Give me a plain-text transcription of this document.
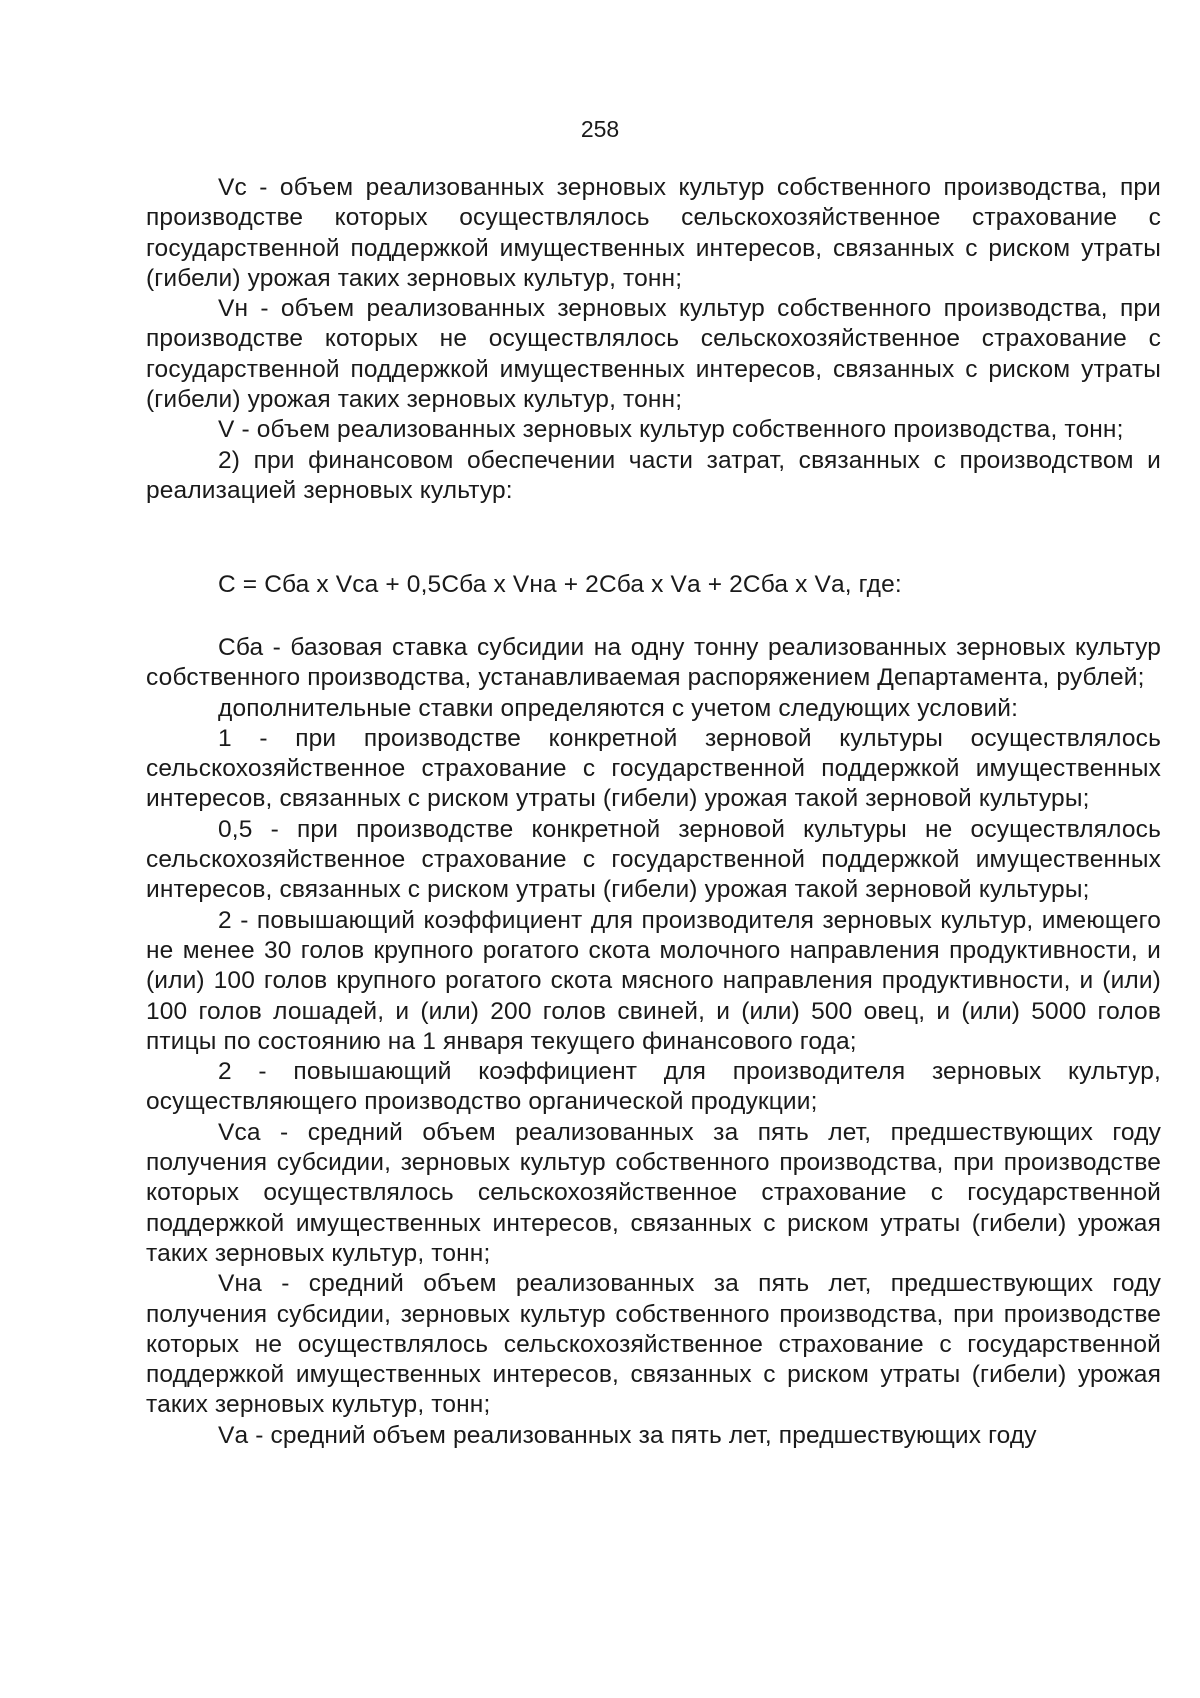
258

Vc - объем реализованных зерновых культур собственного производства, при производстве которых осуществлялось сельскохозяйственное страхование с государственной поддержкой имущественных интересов, связанных с риском утраты (гибели) урожая таких зерновых культур, тонн;

Vн - объем реализованных зерновых культур собственного производства, при производстве которых не осуществлялось сельскохозяйственное страхование с государственной поддержкой имущественных интересов, связанных с риском утраты (гибели) урожая таких зерновых культур, тонн;

V - объем реализованных зерновых культур собственного производства, тонн;

2) при финансовом обеспечении части затрат, связанных с производством и реализацией зерновых культур:

С = Сба х Vса + 0,5Сба х Vна + 2Сба х Vа + 2Сба х Vа, где:

Сба - базовая ставка субсидии на одну тонну реализованных зерновых культур собственного производства, устанавливаемая распоряжением Департамента, рублей;

дополнительные ставки определяются с учетом следующих условий:

1 - при производстве конкретной зерновой культуры осуществлялось сельскохозяйственное страхование с государственной поддержкой имущественных интересов, связанных с риском утраты (гибели) урожая такой зерновой культуры;

0,5 - при производстве конкретной зерновой культуры не осуществлялось сельскохозяйственное страхование с государственной поддержкой имущественных интересов, связанных с риском утраты (гибели) урожая такой зерновой культуры;

2 - повышающий коэффициент для производителя зерновых культур, имеющего не менее 30 голов крупного рогатого скота молочного направления продуктивности, и (или) 100 голов крупного рогатого скота мясного направления продуктивности, и (или) 100 голов лошадей, и (или) 200 голов свиней, и (или) 500 овец, и (или) 5000 голов птицы по состоянию на 1 января текущего финансового года;

2 - повышающий коэффициент для производителя зерновых культур, осуществляющего производство органической продукции;

Vса - средний объем реализованных за пять лет, предшествующих году получения субсидии, зерновых культур собственного производства, при производстве которых осуществлялось сельскохозяйственное страхование с государственной поддержкой имущественных интересов, связанных с риском утраты (гибели) урожая таких зерновых культур, тонн;

Vна - средний объем реализованных за пять лет, предшествующих году получения субсидии, зерновых культур собственного производства, при производстве которых не осуществлялось сельскохозяйственное страхование с государственной поддержкой имущественных интересов, связанных с риском утраты (гибели) урожая таких зерновых культур, тонн;

Vа - средний объем реализованных за пять лет, предшествующих году
